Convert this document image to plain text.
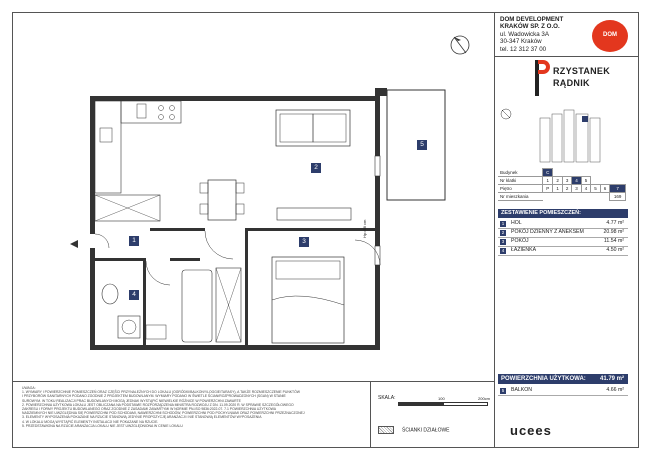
1
2
3
4
5
Hp=58 cm
DOM DEVELOPMENT
KRAKÓW SP. Z O.O.
ul. Wadowicka 3A
30-347 Kraków
tel. 12 312 37 00
DOM
RZYSTANEK
RĄDNIK
Budynek	C							
Nr klatki	1	2	3	4	5			
Piętro	P	1	2	3	4	5	6	7
Nr mieszkania								169
ZESTAWIENIE POMIESZCZEŃ:
1	HOL	4.77 m²
2	POKÓJ DZIENNY Z ANEKSEM	20.98 m²
3	POKÓJ	11.54 m²
4	ŁAZIENKA	4.50 m²
POWIERZCHNIA UŻYTKOWA: 41.79 m²
5	BALKON	4.66 m²
UWAGA:
1. WYMIARY I POWIERZCHNIE POMIESZCZEŃ ORAZ CZĘŚCI PRZYNALEŻNYCH DO LOKALU (OGRÓDKI/BALKONY/LOGGIE/TARASY), A TAKŻE ROZMIESZCZENIE PUNKTÓW
I PRZYBORÓW SANITARNYCH PODANO ZGODNIE Z PROJEKTEM BUDOWLANYM. WYMIARY PODANO W ŚWIETLE ŚCIAN/ROZPROWADZONYCH (SGAN) W STANIE
SUROWYM. W TOKU REALIZACJI PRAC BUDOWLANYCH MOGĄ JEDNAK WYSTĄPIĆ NIEWIELKIE RÓŻNICE W POWIERZCHNI ZAWARTE
2. POWIERZCHNIA UŻYTKOWA LOKALU JEST OBLICZANA NA PODSTAWIE ROZPORZĄDZENIA MINISTRA ROZWOJU Z DN. 11.09.2020 R. W SPRAWIE SZCZEGÓŁOWEGO
ZAKRESU I FORMY PROJEKTU BUDOWLANEGO ORAZ ZGODNIE Z ZASADAMI ZAWARTYMI W NORMIE PN-ISO 9836:2022-07. 7.1 POWIERZCHNIA UŻYTKOWA
NADZIEMNYCH NIE UWZGLĘDNIA SIĘ POWIERZCHNI POD SCHODAMI, NAWIERZCHNI SCHODÓW, POWIERZCHNI POD POCHYLNIAMI ORAZ POWIERZCHNI PRZEZNACZONEJ
3. ELEMENTY WYPOSAŻENIA POKAZANE NA RZUCIE STANOWIĄ JEDYNIE PROPOZYCJĘ ARANŻACJI I NIE STANOWIĄ ELEMENTÓW WYPOSAŻENIA
4. W LOKALU MOGĄ WYSTĄPIĆ ELEMENTY INSTALACJI NIE POKAZANE NA RZUCIE.
5. PRZEDSTAWIONA NA RZUCIE ARANŻACJA LOKALU NIE JEST UWZGLĘDNIONA W CENIE LOKALU
SKALA:	100	200cm
ŚCIANKI DZIAŁOWE	ucees
